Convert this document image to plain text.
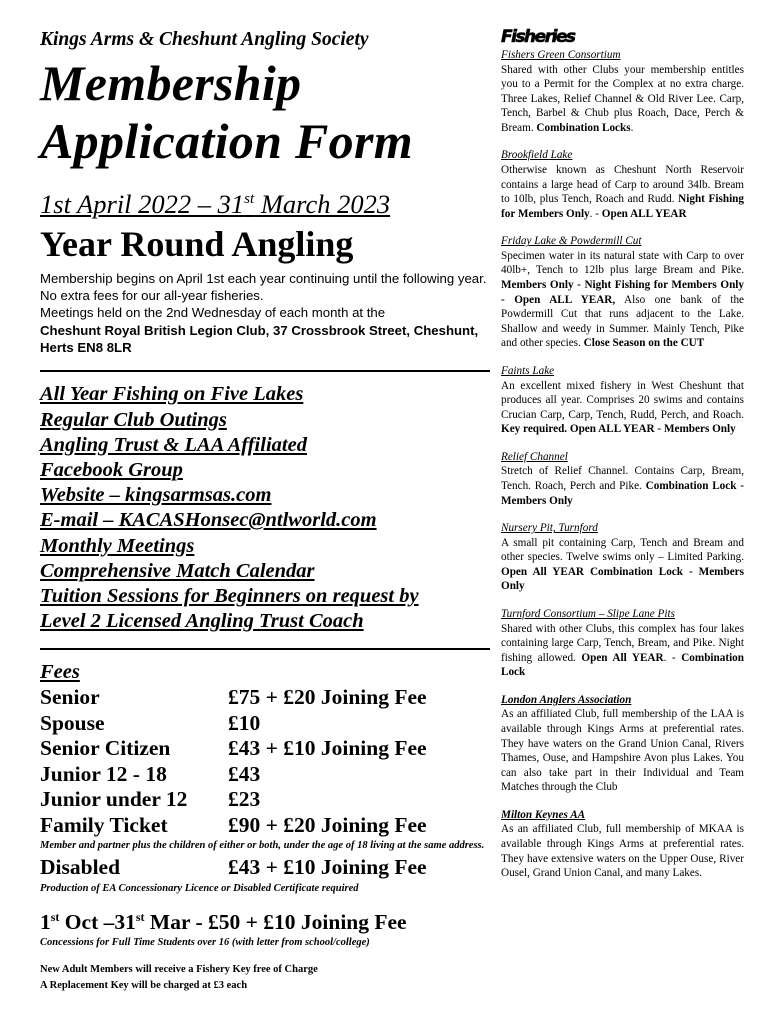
Kings Arms & Cheshunt Angling Society

Membership
Application Form
1st April 2022 – 31st March 2023
Year Round Angling
Membership begins on April 1st each year continuing until the following year. No extra fees for our all-year fisheries.
Meetings held on the 2nd Wednesday of each month at the
Cheshunt Royal British Legion Club, 37 Crossbrook Street, Cheshunt, Herts EN8 8LR
All Year Fishing on Five Lakes
Regular Club Outings
Angling Trust & LAA Affiliated
Facebook Group
Website – kingsarmsas.com
E-mail – KACASHonsec@ntlworld.com
Monthly Meetings
Comprehensive Match Calendar
Tuition Sessions for Beginners on request by
Level 2 Licensed Angling Trust Coach
Fees
Senior	£75 + £20 Joining Fee
Spouse	£10
Senior Citizen	£43 + £10 Joining Fee
Junior 12 - 18	£43
Junior under 12	£23
Family Ticket	£90 + £20 Joining Fee
Member and partner plus the children of either or both, under the age of 18 living at the same address.
Disabled	£43 + £10 Joining Fee
Production of EA Concessionary Licence or Disabled Certificate required
1st Oct –31st Mar - £50 + £10 Joining Fee
Concessions for Full Time Students over 16 (with letter from school/college)
New Adult Members will receive a Fishery Key free of Charge
A Replacement Key will be charged at £3 each
Fisheries
Fishers Green Consortium
Shared with other Clubs your membership entitles you to a Permit for the Complex at no extra charge. Three Lakes, Relief Channel & Old River Lee. Carp, Tench, Barbel & Chub plus Roach, Dace, Perch & Bream. Combination Locks.
Brookfield Lake
Otherwise known as Cheshunt North Reservoir contains a large head of Carp to around 34lb. Bream to 10lb, plus Tench, Roach and Rudd. Night Fishing for Members Only. - Open ALL YEAR
Friday Lake & Powdermill Cut
Specimen water in its natural state with Carp to over 40lb+, Tench to 12lb plus large Bream and Pike. Members Only - Night Fishing for Members Only - Open ALL YEAR, Also one bank of the Powdermill Cut that runs adjacent to the Lake. Shallow and weedy in Summer. Mainly Tench, Pike and other species. Close Season on the CUT
Faints Lake
An excellent mixed fishery in West Cheshunt that produces all year. Comprises 20 swims and contains Crucian Carp, Carp, Tench, Rudd, Perch, and Roach. Key required. Open ALL YEAR - Members Only
Relief Channel
Stretch of Relief Channel. Contains Carp, Bream, Tench. Roach, Perch and Pike. Combination Lock - Members Only
Nursery Pit, Turnford
A small pit containing Carp, Tench and Bream and other species. Twelve swims only – Limited Parking. Open All YEAR Combination Lock - Members Only
Turnford Consortium – Slipe Lane Pits
Shared with other Clubs, this complex has four lakes containing large Carp, Tench, Bream, and Pike. Night fishing allowed. Open All YEAR. - Combination Lock
London Anglers Association
As an affiliated Club, full membership of the LAA is available through Kings Arms at preferential rates. They have waters on the Grand Union Canal, Rivers Thames, Ouse, and Hampshire Avon plus Lakes. You can also take part in their Individual and Team Matches through the Club
Milton Keynes AA
As an affiliated Club, full membership of MKAA is available through Kings Arms at preferential rates. They have extensive waters on the Upper Ouse, River Ousel, Grand Union Canal, and many Lakes.
